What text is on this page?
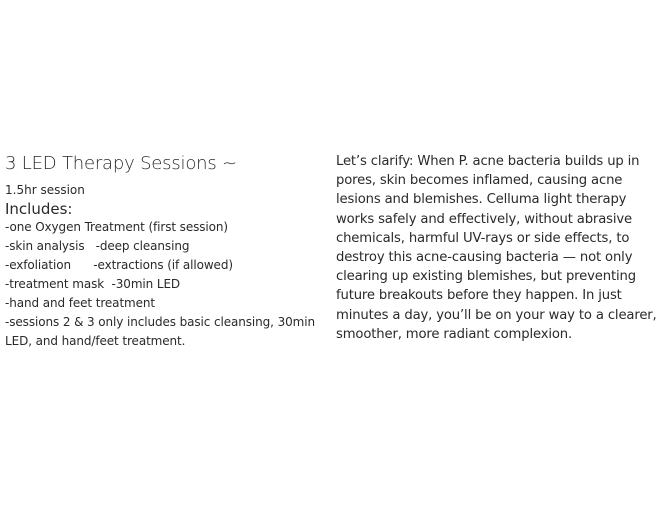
3 LED Therapy Sessions ~
1.5hr session
Includes:
-one Oxygen Treatment (first session)
-skin analysis   -deep cleansing
-exfoliation      -extractions (if allowed)
-treatment mask  -30min LED
-hand and feet treatment
-sessions 2 & 3 only includes basic cleansing, 30min
LED, and hand/feet treatment.

Let’s clarify: When P. acne bacteria builds up in pores, skin becomes inflamed, causing acne lesions and blemishes. Celluma light therapy works safely and effectively, without abrasive chemicals, harmful UV-rays or side effects, to destroy this acne-causing bacteria — not only clearing up existing blemishes, but preventing future breakouts before they happen. In just minutes a day, you’ll be on your way to a clearer, smoother, more radiant complexion.
